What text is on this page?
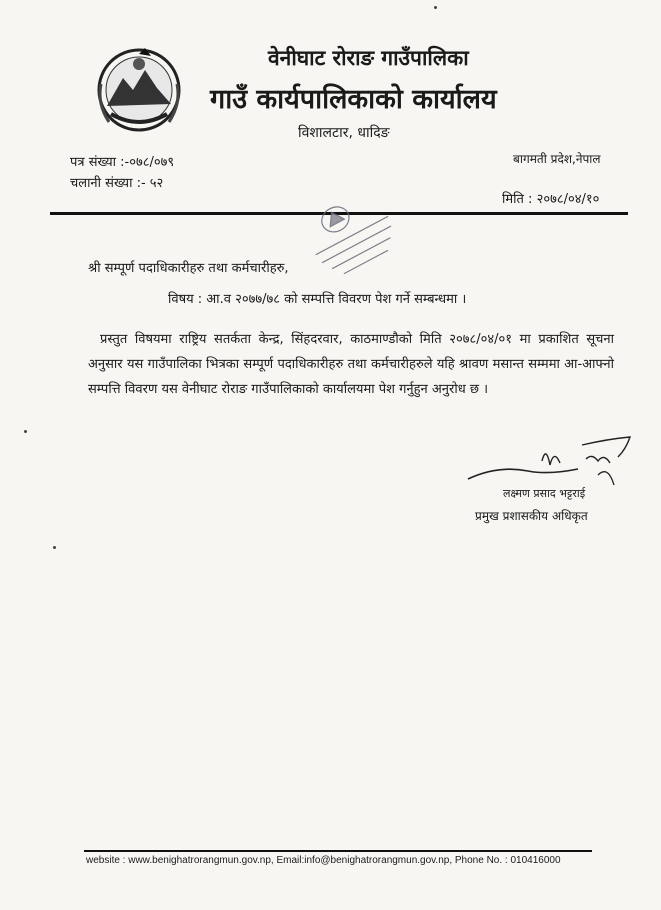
वेनीघाट रोराङ गाउँपालिका
गाउँ कार्यपालिकाको कार्यालय
विशालटार, धादिङ
पत्र संख्या :-०७८/०७९
चलानी संख्या :- ५२
बागमती प्रदेश,नेपाल
मिति : २०७८/०४/१०
श्री सम्पूर्ण पदाधिकारीहरु तथा कर्मचारीहरु,
विषय : आ.व २०७७/७८ को सम्पत्ति विवरण पेश गर्ने सम्बन्धमा ।
प्रस्तुत विषयमा राष्ट्रिय सतर्कता केन्द्र, सिंहदरवार, काठमाण्डौको मिति २०७८/०४/०१ मा प्रकाशित सूचना अनुसार यस गाउँपालिका भित्रका सम्पूर्ण पदाधिकारीहरु तथा कर्मचारीहरुले यहि श्रावण मसान्त सम्ममा आ-आफ्नो सम्पत्ति विवरण यस वेनीघाट रोराङ गाउँपालिकाको कार्यालयमा पेश गर्नुहुन अनुरोध छ ।
लक्ष्मण प्रसाद भट्टराई
प्रमुख प्रशासकीय अधिकृत
website : www.benighatrorangmun.gov.np, Email:info@benighatrorangmun.gov.np, Phone No. : 010416000
